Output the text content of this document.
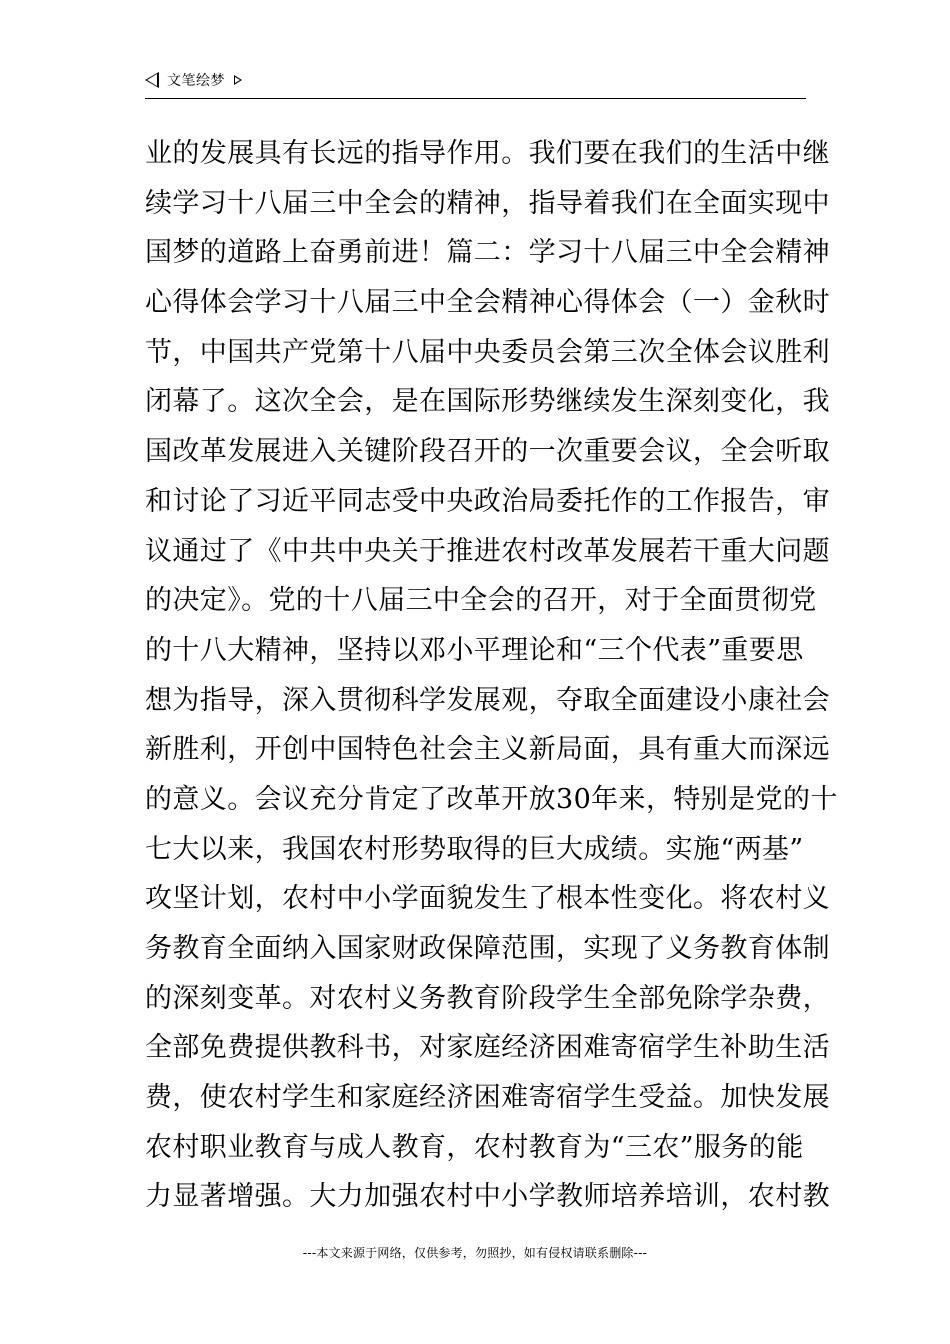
文笔绘梦
业的发展具有长远的指导作用。我们要在我们的生活中继
续学习十八届三中全会的精神，指导着我们在全面实现中
国梦的道路上奋勇前进！篇二：学习十八届三中全会精神
心得体会学习十八届三中全会精神心得体会（一）金秋时
节，中国共产党第十八届中央委员会第三次全体会议胜利
闭幕了。这次全会，是在国际形势继续发生深刻变化，我
国改革发展进入关键阶段召开的一次重要会议，全会听取
和讨论了习近平同志受中央政治局委托作的工作报告，审
议通过了《中共中央关于推进农村改革发展若干重大问题
的决定》。党的十八届三中全会的召开，对于全面贯彻党
的十八大精神，坚持以邓小平理论和“三个代表”重要思
想为指导，深入贯彻科学发展观，夺取全面建设小康社会
新胜利，开创中国特色社会主义新局面，具有重大而深远
的意义。会议充分肯定了改革开放30年来，特别是党的十
七大以来，我国农村形势取得的巨大成绩。实施“两基”
攻坚计划，农村中小学面貌发生了根本性变化。将农村义
务教育全面纳入国家财政保障范围，实现了义务教育体制
的深刻变革。对农村义务教育阶段学生全部免除学杂费，
全部免费提供教科书，对家庭经济困难寄宿学生补助生活
费，使农村学生和家庭经济困难寄宿学生受益。加快发展
农村职业教育与成人教育，农村教育为“三农”服务的能
力显著增强。大力加强农村中小学教师培养培训，农村教
---本文来源于网络，仅供参考，勿照抄，如有侵权请联系删除---
